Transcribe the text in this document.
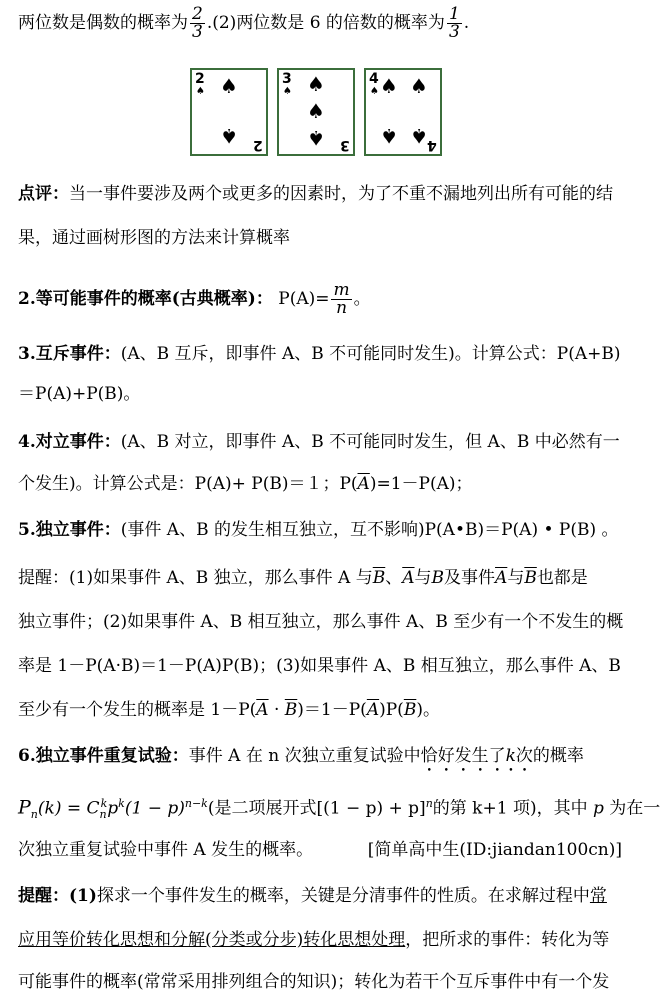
两位数是偶数的概率为 $\frac{2}{3} .(2)$两位数是 6 的倍数的概率为 $\frac{1}{3}$ .
2
♠ ♠
♠ 2
3
♠ ♠
♠
♠ 3
4
♠ ♠ ♠
♠ ♠ 4
点评：当一事件要涉及两个或更多的因素时，为了不重不漏地列出所有可能的结
果，通过画树形图的方法来计算概率
2.等可能事件的概率(古典概率)： $P(A)= \frac{m}{n}$ 。
3.互斥事件：(A、B 互斥，即事件 A、B 不可能同时发生)。计算公式：P(A+B)
＝P(A)+P(B)。
4.对立事件：(A、B 对立，即事件 A、B 不可能同时发生，但 A、B 中必然有一
个发生)。计算公式是：P(A)+ P(B)＝１；$P(\overline{A})=1-P(A)$；
5.独立事件：(事件 A、B 的发生相互独立，互不影响)P(A•B)＝P(A) • P(B) 。
提醒：(1)如果事件 A、B 独立，那么事件 A 与$\overline{B}$、$\overline{A}$与B及事件$\overline{A}$与$\overline{B}$也都是
独立事件；(2)如果事件 A、B 相互独立，那么事件 A、B 至少有一个不发生的概
率是 1－P(A·B)＝1－P(A)P(B)；(3)如果事件 A、B 相互独立，那么事件 A、B
至少有一个发生的概率是 $1-P(\overline{A} \cdot \overline{B})=1-P(\overline{A})P(\overline{B})$。
6.独立事件重复试验：事件 A 在 n 次独立重复试验中恰好发生了k次的概率
$P_n(k) = C_n^kp^k(1 - p)^{n-k}$(是二项展开式$[(1 - p) + p]^n$的第 k+1 项)，其中 p 为在一
次独立重复试验中事件 A 发生的概率。	[简单高中生(ID:jiandan100cn)]
提醒：(1)探求一个事件发生的概率，关键是分清事件的性质。在求解过程中常
应用等价转化思想和分解(分类或分步)转化思想处理，把所求的事件：转化为等
可能事件的概率(常常采用排列组合的知识)；转化为若干个互斥事件中有一个发
